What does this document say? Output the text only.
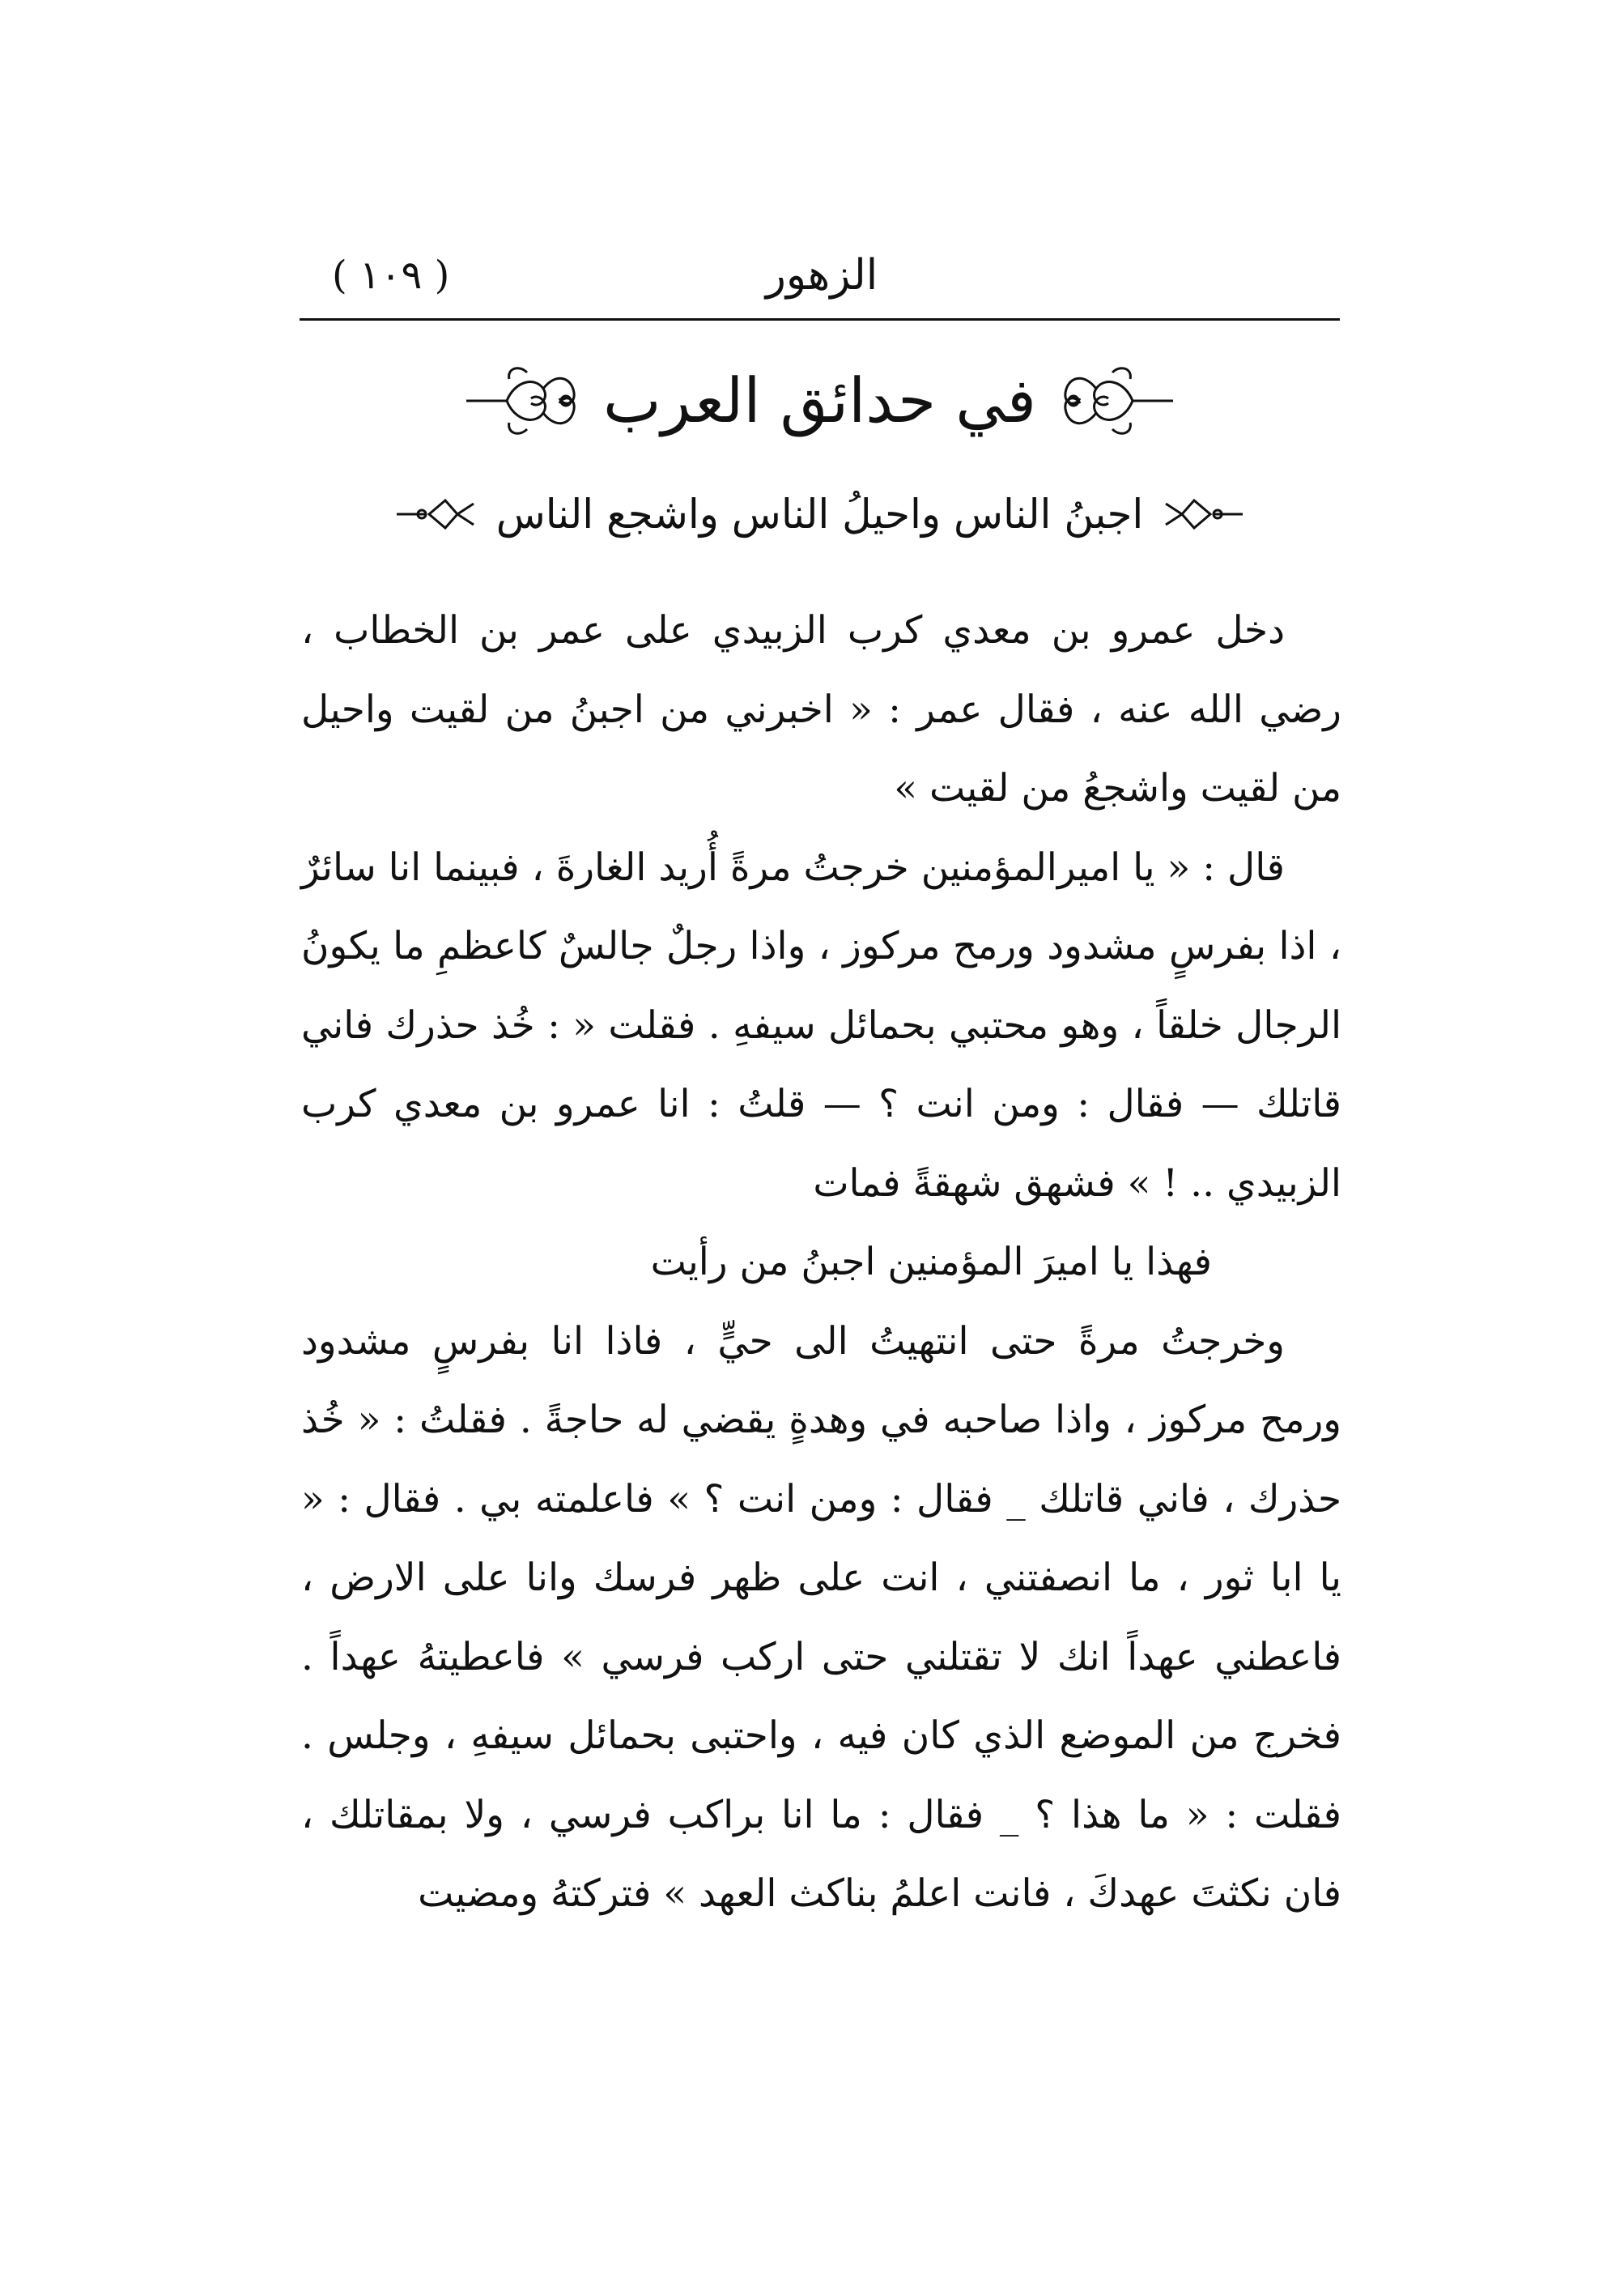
الزهور
( ١٠٩ )
في حدائق العرب
اجبنُ الناس واحيلُ الناس واشجع الناس

دخل عمرو بن معدي كرب الزبيدي على عمر بن الخطاب ، رضي الله عنه ، فقال عمر : « اخبرني من اجبنُ من لقيت واحيل من لقيت واشجعُ من لقيت »

قال : « يا اميرالمؤمنين خرجتُ مرةً أُريد الغارةَ ، فبينما انا سائرٌ ، اذا بفرسٍ مشدود ورمح مركوز ، واذا رجلٌ جالسٌ كاعظمِ ما يكونُ الرجال خلقاً ، وهو محتبي بحمائل سيفهِ . فقلت « : خُذ حذرك فاني قاتلك — فقال : ومن انت ؟ — قلتُ : انا عمرو بن معدي كرب الزبيدي .. ! » فشهق شهقةً فمات

فهذا يا اميرَ المؤمنين اجبنُ من رأيت

وخرجتُ مرةً حتى انتهيتُ الى حيٍّ ، فاذا انا بفرسٍ مشدود ورمح مركوز ، واذا صاحبه في وهدةٍ يقضي له حاجةً . فقلتُ : « خُذ حذرك ، فاني قاتلك _ فقال : ومن انت ؟ » فاعلمته بي . فقال : « يا ابا ثور ، ما انصفتني ، انت على ظهر فرسك وانا على الارض ، فاعطني عهداً انك لا تقتلني حتى اركب فرسي » فاعطيتهُ عهداً . فخرج من الموضع الذي كان فيه ، واحتبى بحمائل سيفهِ ، وجلس . فقلت : « ما هذا ؟ _ فقال : ما انا براكب فرسي ، ولا بمقاتلك ، فان نكثتَ عهدكَ ، فانت اعلمُ بناكث العهد » فتركتهُ ومضيت
